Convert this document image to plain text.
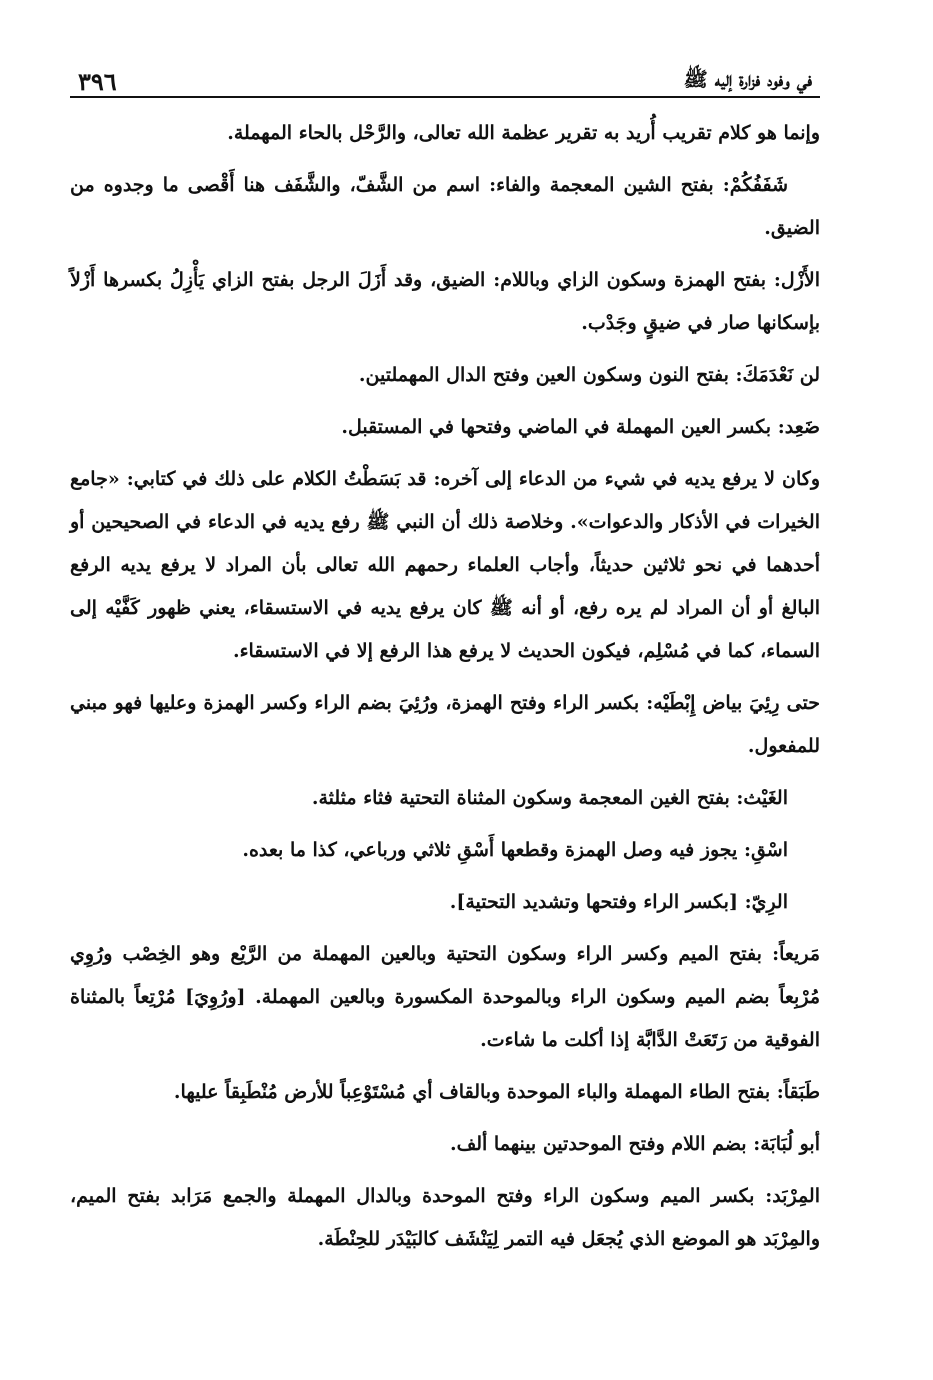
في وفود فزارة إليه ﷺ
٣٩٦

وإنما هو كلام تقريب أُريد به تقرير عظمة الله تعالى، والرَّحْل بالحاء المهملة.

شَفَفُكُمْ: بفتح الشين المعجمة والفاء: اسم من الشَّفّ، والشَّفَف هنا أَقْصى ما وجدوه من الضيق.

الأَزْل: بفتح الهمزة وسكون الزاي وباللام: الضيق، وقد أَزَلَ الرجل بفتح الزاي يَأْزِلُ بكسرها أَزْلاً بإسكانها صار في ضيقٍ وجَدْب.

لن نَعْدَمَكَ: بفتح النون وسكون العين وفتح الدال المهملتين.

ضَعِد: بكسر العين المهملة في الماضي وفتحها في المستقبل.

وكان لا يرفع يديه في شيء من الدعاء إلى آخره: قد بَسَطْتُ الكلام على ذلك في كتابي: «جامع الخيرات في الأذكار والدعوات». وخلاصة ذلك أن النبي ﷺ رفع يديه في الدعاء في الصحيحين أو أحدهما في نحو ثلاثين حديثاً، وأجاب العلماء رحمهم الله تعالى بأن المراد لا يرفع يديه الرفع البالغ أو أن المراد لم يره رفع، أو أنه ﷺ كان يرفع يديه في الاستسقاء، يعني ظهور كَفَّيْه إلى السماء، كما في مُسْلِم، فيكون الحديث لا يرفع هذا الرفع إلا في الاستسقاء.

حتى رِئِيَ بياض إِبْطَيْه: بكسر الراء وفتح الهمزة، ورُئِيَ بضم الراء وكسر الهمزة وعليها فهو مبني للمفعول.

الغَيْث: بفتح الغين المعجمة وسكون المثناة التحتية فثاء مثلثة.

اسْقِ: يجوز فيه وصل الهمزة وقطعها أَسْقِ ثلاثي ورباعي، كذا ما بعده.

الرِيّ: [بكسر الراء وفتحها وتشديد التحتية].

مَريعاً: بفتح الميم وكسر الراء وسكون التحتية وبالعين المهملة من الرَّيْع وهو الخِصْب ورُوِي مُرْبِعاً بضم الميم وسكون الراء وبالموحدة المكسورة وبالعين المهملة. [ورُوِيَ] مُرْتِعاً بالمثناة الفوقية من رَتَعَتْ الدَّابَّة إذا أكلت ما شاءت.

طَبَقاً: بفتح الطاء المهملة والباء الموحدة وبالقاف أي مُسْتَوْعِباً للأرض مُنْطَبِقاً عليها.

أبو لُبَابَة: بضم اللام وفتح الموحدتين بينهما ألف.

المِرْبَد: بكسر الميم وسكون الراء وفتح الموحدة وبالدال المهملة والجمع مَرَابد بفتح الميم، والمِرْبَد هو الموضع الذي يُجعَل فيه التمر لِيَنْشَف كالبَيْدَر للحِنْطَة.
